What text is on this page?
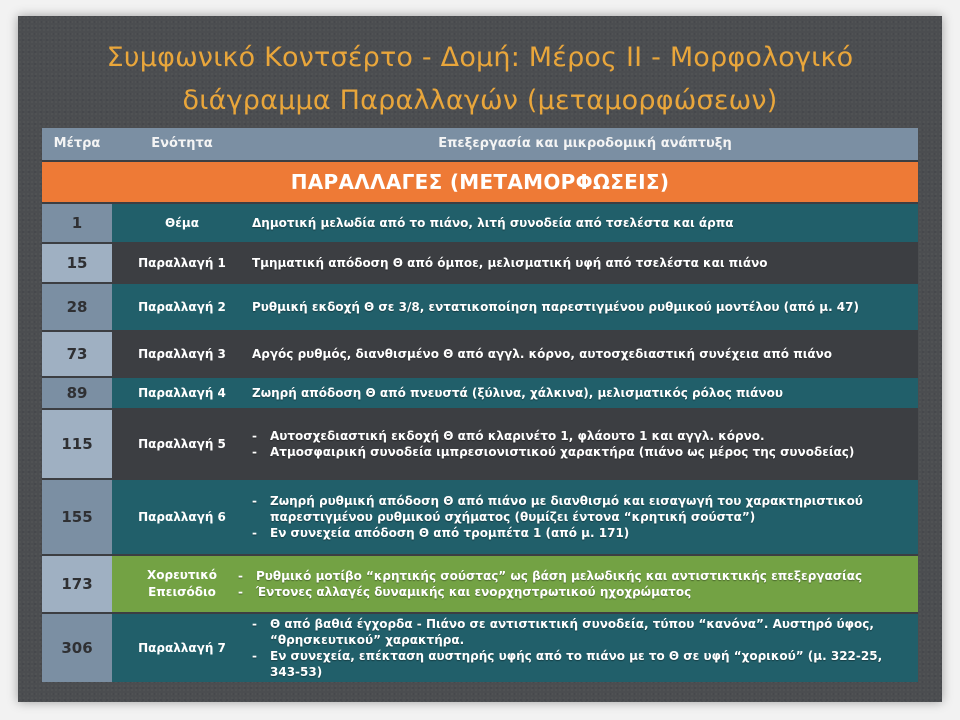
Συμφωνικό Κοντσέρτο - Δομή: Μέρος ΙΙ - Μορφολογικό
διάγραμμα Παραλλαγών (μεταμορφώσεων)
Μέτρα	Ενότητα	Επεξεργασία και μικροδομική ανάπτυξη
ΠΑΡΑΛΛΑΓΕΣ (ΜΕΤΑΜΟΡΦΩΣΕΙΣ)
1	Θέμα	Δημοτική μελωδία από το πιάνο, λιτή συνοδεία από τσελέστα και άρπα
15	Παραλλαγή 1	Τμηματική απόδοση Θ από όμποε, μελισματική υφή από τσελέστα και πιάνο
28	Παραλλαγή 2	Ρυθμική εκδοχή Θ σε 3/8, εντατικοποίηση παρεστιγμένου ρυθμικού μοντέλου (από μ. 47)
73	Παραλλαγή 3	Αργός ρυθμός, διανθισμένο Θ από αγγλ. κόρνο, αυτοσχεδιαστική συνέχεια από πιάνο
89	Παραλλαγή 4	Ζωηρή απόδοση Θ από πνευστά (ξύλινα, χάλκινα), μελισματικός ρόλος πιάνου
115	Παραλλαγή 5
-	Αυτοσχεδιαστική εκδοχή Θ από κλαρινέτο 1, φλάουτο 1 και αγγλ. κόρνο.
-	Ατμοσφαιρική συνοδεία ιμπρεσιονιστικού χαρακτήρα (πιάνο ως μέρος της συνοδείας)
155	Παραλλαγή 6
-	Ζωηρή ρυθμική απόδοση Θ από πιάνο με διανθισμό και εισαγωγή του χαρακτηριστικού παρεστιγμένου ρυθμικού σχήματος (θυμίζει έντονα “κρητική σούστα”)
-	Εν συνεχεία απόδοση Θ από τρομπέτα 1 (από μ. 171)
173	Χορευτικό
Επεισόδιο
-	Ρυθμικό μοτίβο “κρητικής σούστας” ως βάση μελωδικής και αντιστικτικής επεξεργασίας
-	Έντονες αλλαγές δυναμικής και ενορχηστρωτικού ηχοχρώματος
306	Παραλλαγή 7
-	Θ από βαθιά έγχορδα - Πιάνο σε αντιστικτική συνοδεία, τύπου “κανόνα”. Αυστηρό ύφος, “θρησκευτικού” χαρακτήρα.
-	Εν συνεχεία, επέκταση αυστηρής υφής από το πιάνο με το Θ σε υφή “χορικού” (μ. 322-25, 343-53)
